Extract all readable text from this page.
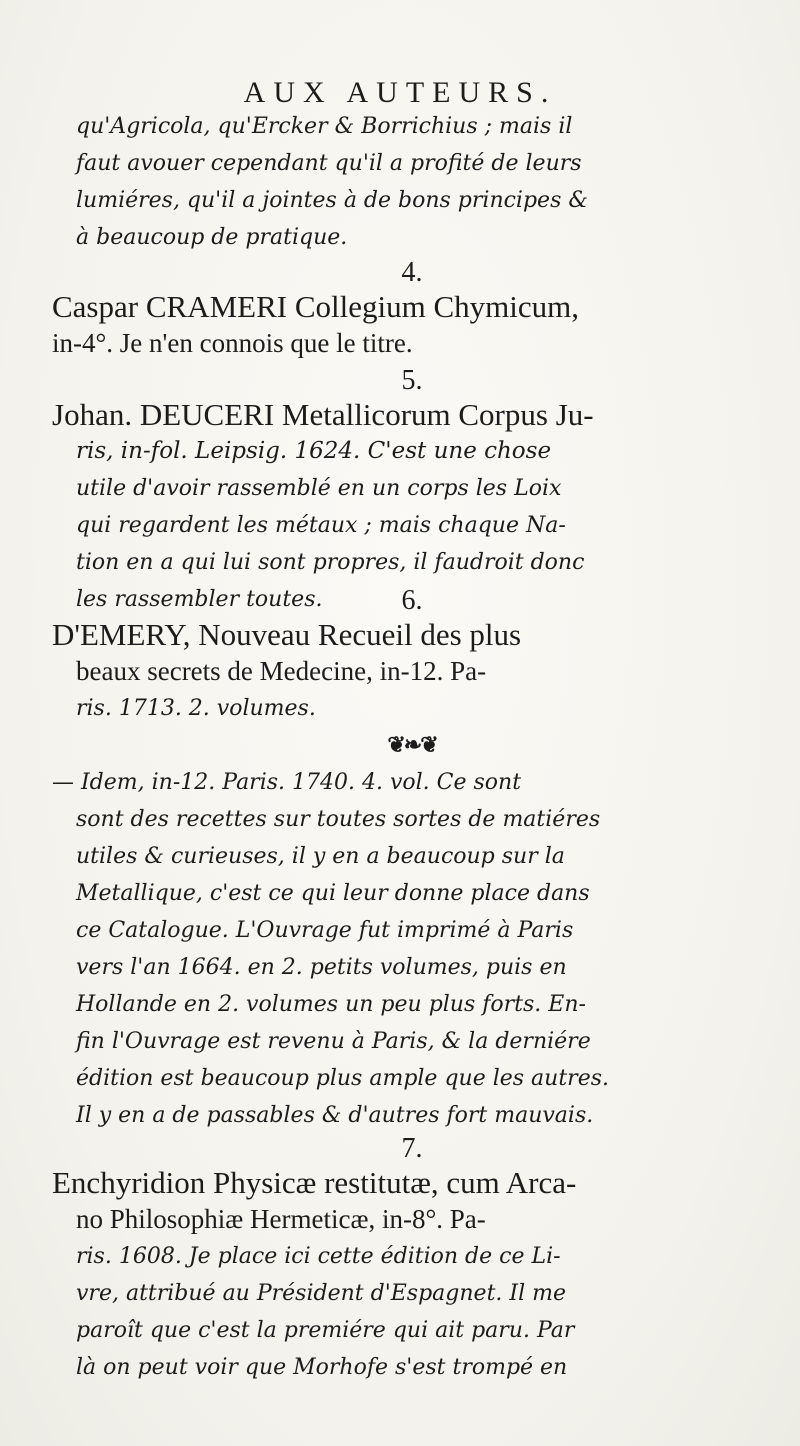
AUX AUTEURS.
qu'Agricola, qu'Ercker & Borrichius ; mais il
faut avouer cependant qu'il a profité de leurs
lumiéres, qu'il a jointes à de bons principes &
à beaucoup de pratique.
4.
Caspar CRAMERI Collegium Chymicum,
in-4°. Je n'en connois que le titre.
5.
Johan. DEUCERI Metallicorum Corpus Ju-
ris, in-fol. Leipsig. 1624. C'est une chose
utile d'avoir rassemblé en un corps les Loix
qui regardent les métaux ; mais chaque Na-
tion en a qui lui sont propres, il faudroit donc
les rassembler toutes.	6.
D'EMERY, Nouveau Recueil des plus
beaux secrets de Medecine, in-12. Pa-
ris. 1713. 2. volumes.
❦❧❦
— Idem, in-12. Paris. 1740. 4. vol. Ce sont
sont des recettes sur toutes sortes de matiéres
utiles & curieuses, il y en a beaucoup sur la
Metallique, c'est ce qui leur donne place dans
ce Catalogue. L'Ouvrage fut imprimé à Paris
vers l'an 1664. en 2. petits volumes, puis en
Hollande en 2. volumes un peu plus forts. En-
fin l'Ouvrage est revenu à Paris, & la derniére
édition est beaucoup plus ample que les autres.
Il y en a de passables & d'autres fort mauvais.
7.
Enchyridion Physicæ restitutæ, cum Arca-
no Philosophiæ Hermeticæ, in-8°. Pa-
ris. 1608. Je place ici cette édition de ce Li-
vre, attribué au Président d'Espagnet. Il me
paroît que c'est la premiére qui ait paru. Par
là on peut voir que Morhofe s'est trompé en
